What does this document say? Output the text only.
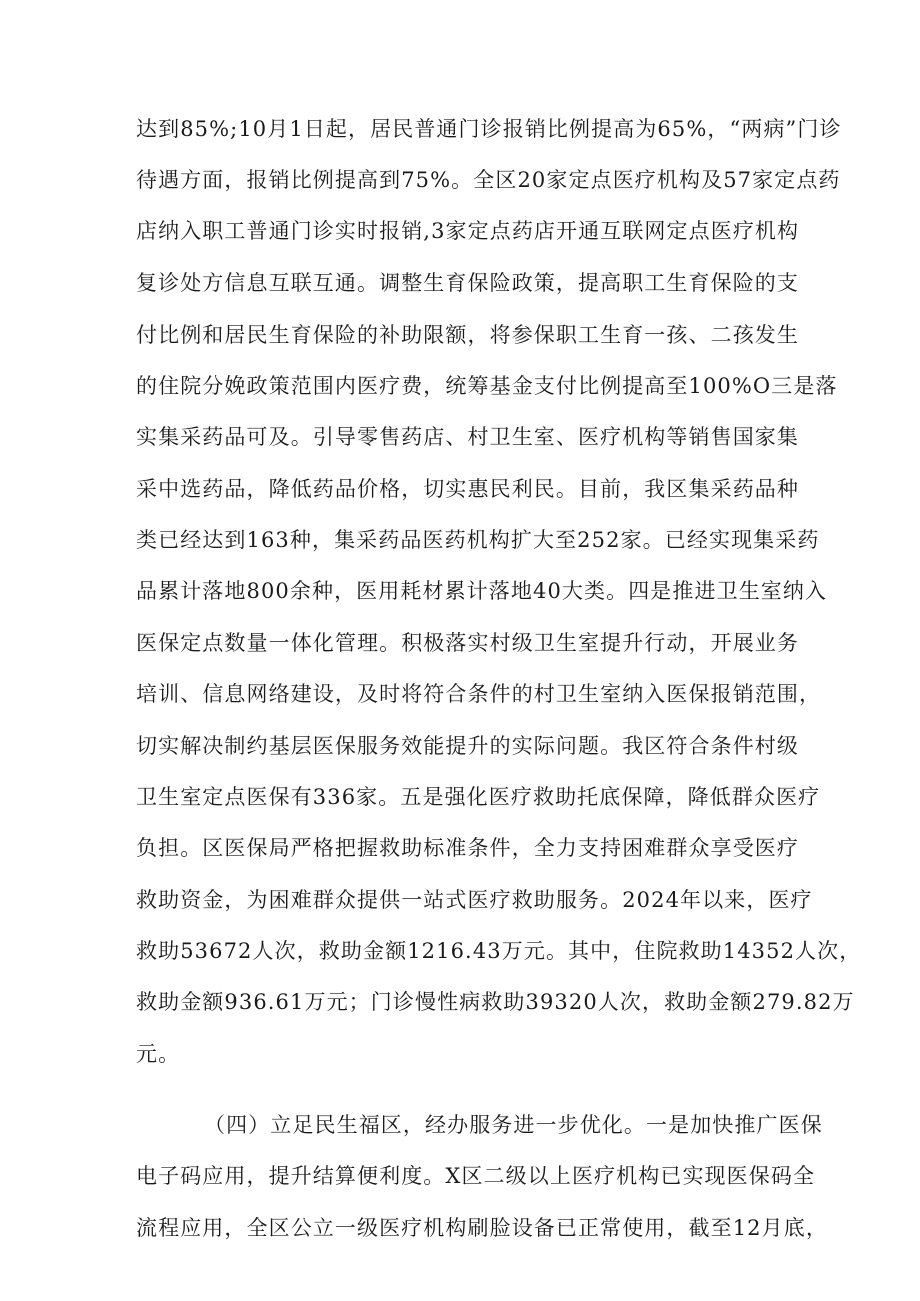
达到85%;10月1日起，居民普通门诊报销比例提高为65%，“两病”门诊
待遇方面，报销比例提高到75%。全区20家定点医疗机构及57家定点药
店纳入职工普通门诊实时报销,3家定点药店开通互联网定点医疗机构
复诊处方信息互联互通。调整生育保险政策，提高职工生育保险的支
付比例和居民生育保险的补助限额，将参保职工生育一孩、二孩发生
的住院分娩政策范围内医疗费，统筹基金支付比例提高至100%O三是落
实集采药品可及。引导零售药店、村卫生室、医疗机构等销售国家集
采中选药品，降低药品价格，切实惠民利民。目前，我区集采药品种
类已经达到163种，集采药品医药机构扩大至252家。已经实现集采药
品累计落地800余种，医用耗材累计落地40大类。四是推进卫生室纳入
医保定点数量一体化管理。积极落实村级卫生室提升行动，开展业务
培训、信息网络建设，及时将符合条件的村卫生室纳入医保报销范围，
切实解决制约基层医保服务效能提升的实际问题。我区符合条件村级
卫生室定点医保有336家。五是强化医疗救助托底保障，降低群众医疗
负担。区医保局严格把握救助标准条件，全力支持困难群众享受医疗
救助资金，为困难群众提供一站式医疗救助服务。2024年以来，医疗
救助53672人次，救助金额1216.43万元。其中，住院救助14352人次，
救助金额936.61万元；门诊慢性病救助39320人次，救助金额279.82万
元。
（四）立足民生福区，经办服务进一步优化。一是加快推广医保
电子码应用，提升结算便利度。X区二级以上医疗机构已实现医保码全
流程应用，全区公立一级医疗机构刷脸设备已正常使用，截至12月底，
